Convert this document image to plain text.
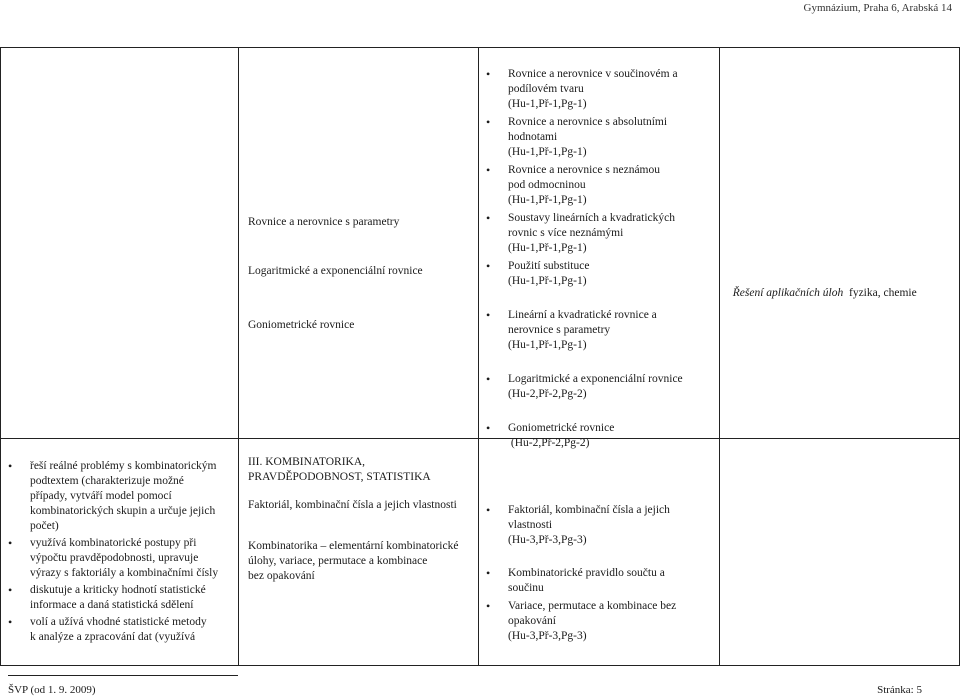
Gymnázium, Praha 6, Arabská 14
Rovnice a nerovnice s parametry
Logaritmické a exponenciální rovnice
Goniometrické rovnice
• Rovnice a nerovnice v součinovém a
podílovém tvaru
(Hu-1,Př-1,Pg-1)
• Rovnice a nerovnice s absolutními
hodnotami
(Hu-1,Př-1,Pg-1)
• Rovnice a nerovnice s neznámou
pod odmocninou
(Hu-1,Př-1,Pg-1)
• Soustavy lineárních a kvadratických
rovnic s více neznámými
(Hu-1,Př-1,Pg-1)
• Použití substituce
(Hu-1,Př-1,Pg-1)
• Lineární a kvadratické rovnice a
nerovnice s parametry
(Hu-1,Př-1,Pg-1)
• Logaritmické a exponenciální rovnice
(Hu-2,Př-2,Pg-2)
• Goniometrické rovnice
(Hu-2,Př-2,Pg-2)

Řešení aplikačních úloh  fyzika, chemie

• řeší reálné problémy s kombinatorickým
podtextem (charakterizuje možné
případy, vytváří model pomocí
kombinatorických skupin a určuje jejich
počet)
• využívá kombinatorické postupy při
výpočtu pravděpodobnosti, upravuje
výrazy s faktoriály a kombinačními čísly
• diskutuje a kriticky hodnotí statistické
informace a daná statistická sdělení
• volí a užívá vhodné statistické metody
k analýze a zpracování dat (využívá
III. KOMBINATORIKA,
PRAVDĚPODOBNOST, STATISTIKA
Faktoriál, kombinační čísla a jejich vlastnosti
Kombinatorika – elementární kombinatorické
úlohy, variace, permutace a kombinace
bez opakování
• Faktoriál, kombinační čísla a jejich
vlastnosti
(Hu-3,Př-3,Pg-3)
• Kombinatorické pravidlo součtu a
součinu
• Variace, permutace a kombinace bez
opakování
(Hu-3,Př-3,Pg-3)
ŠVP (od 1. 9. 2009)	Stránka: 5
